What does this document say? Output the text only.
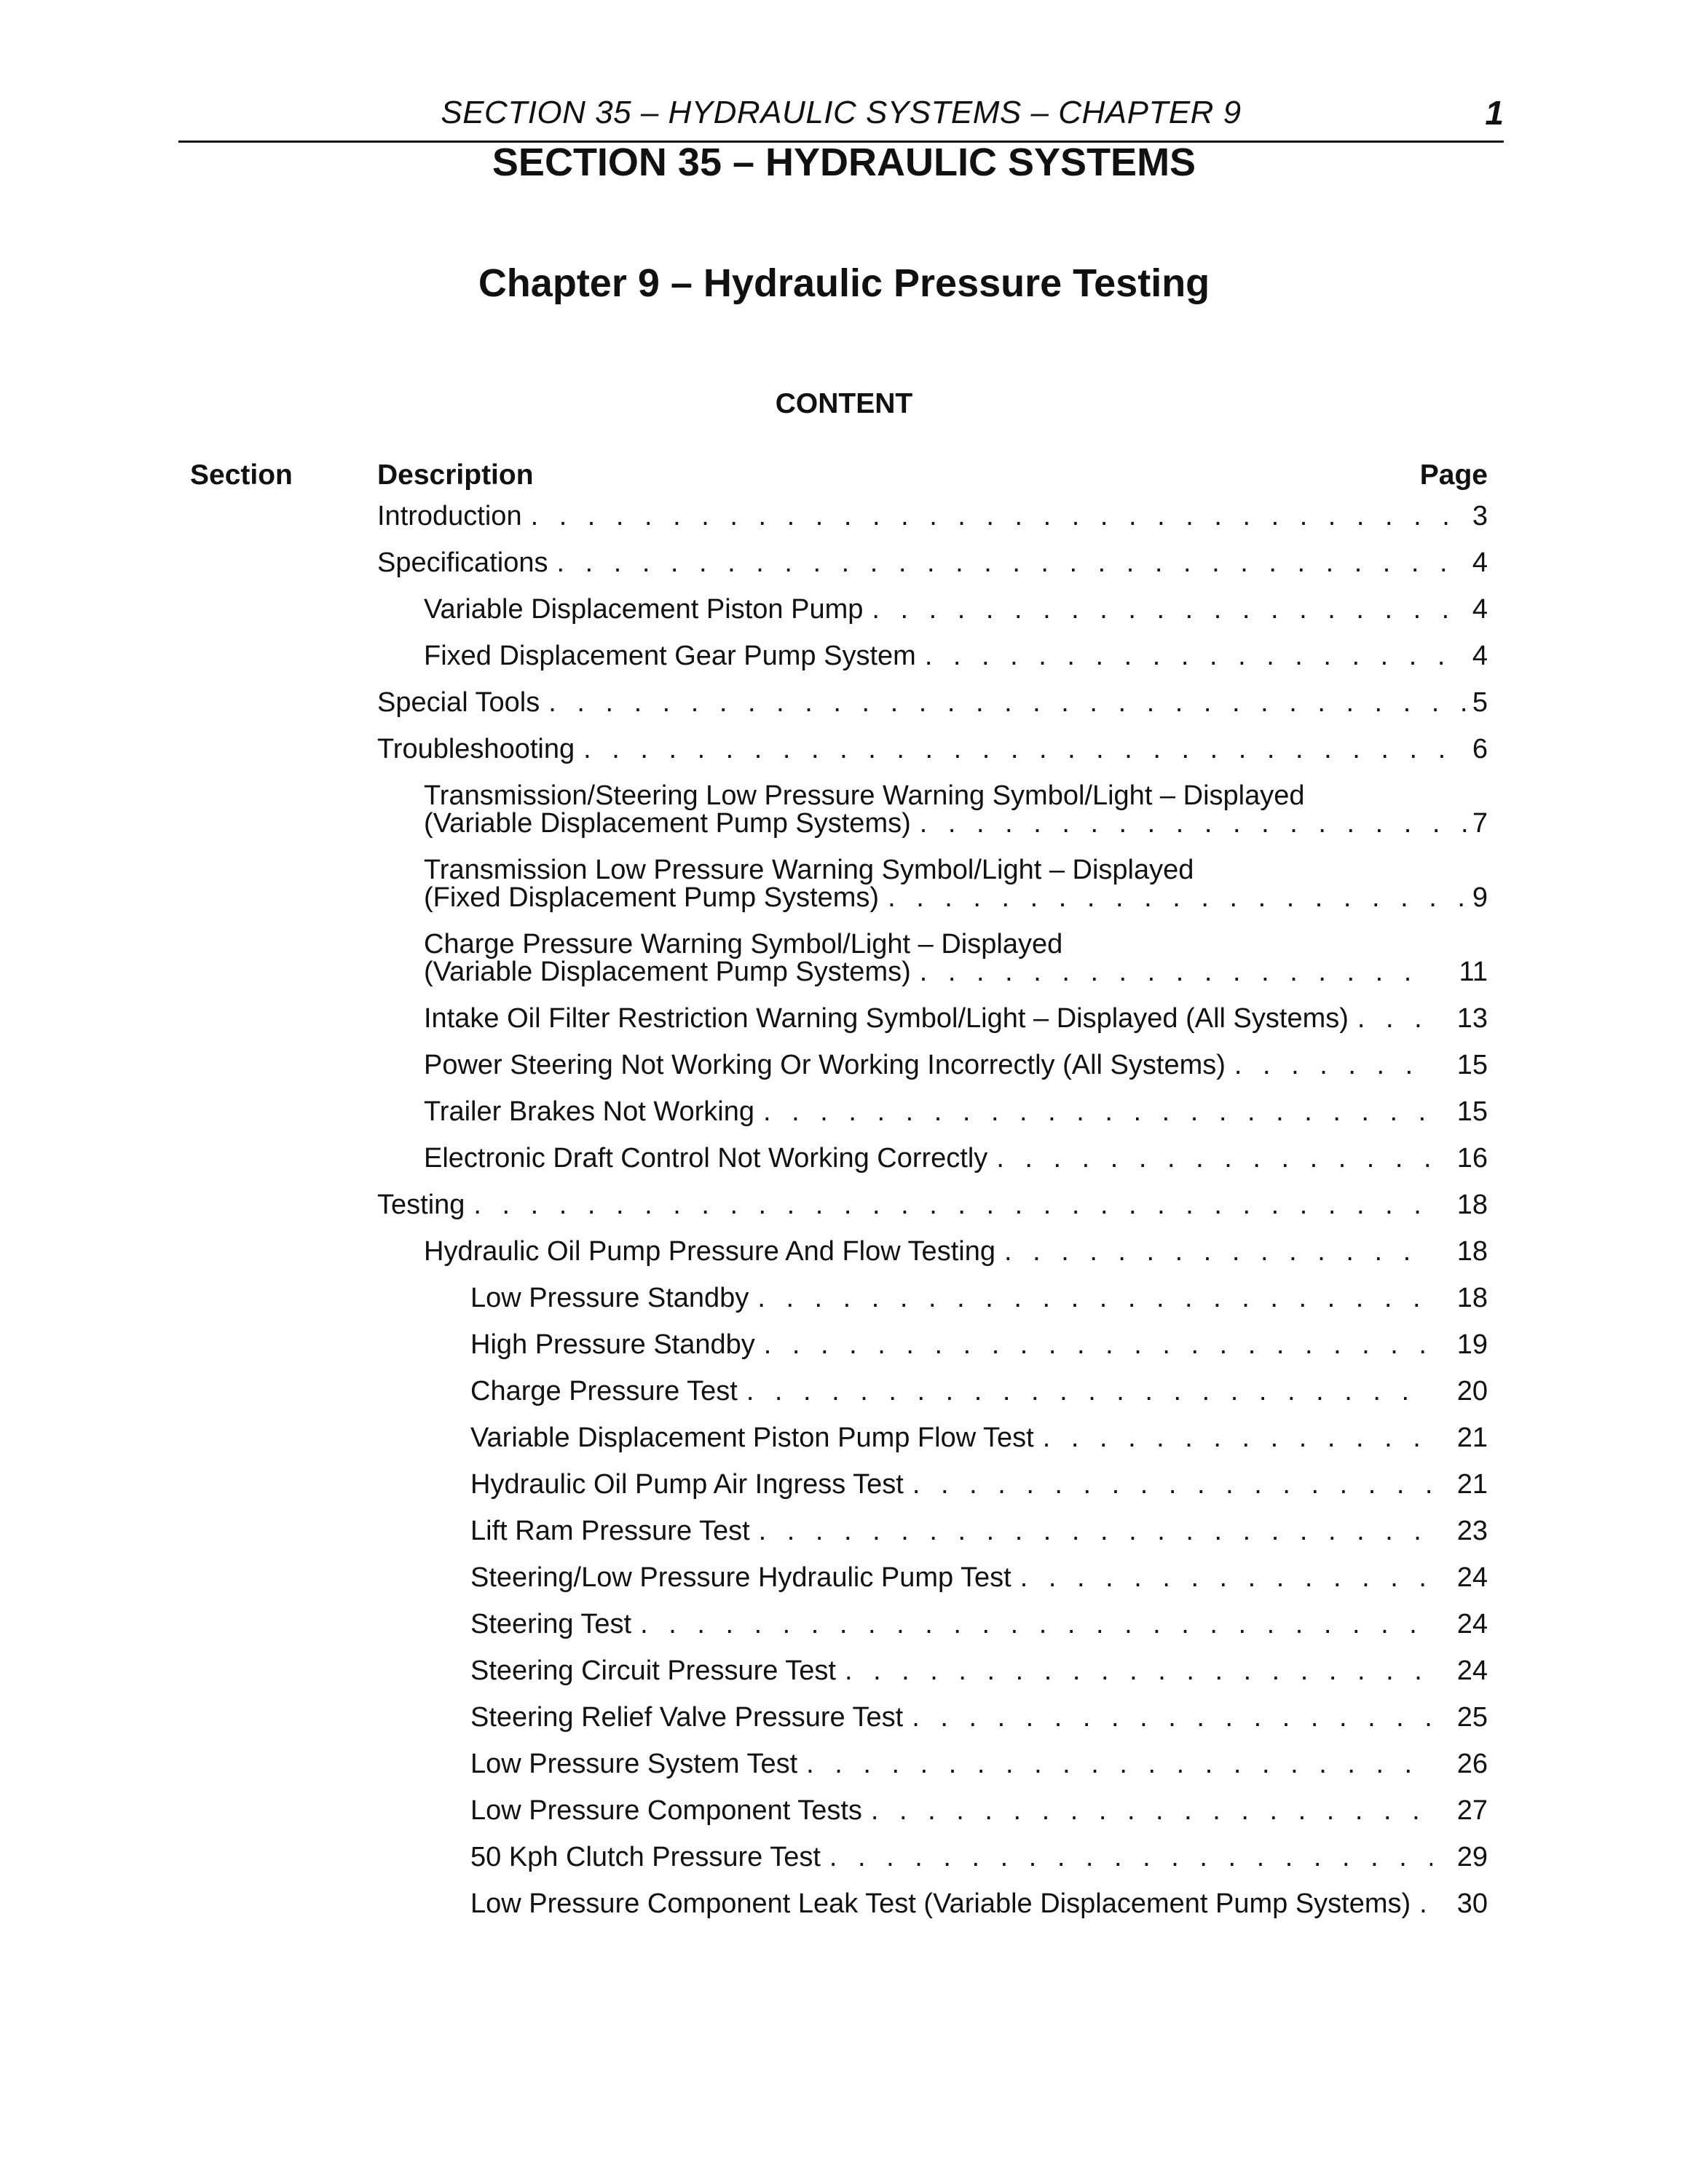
SECTION 35 – HYDRAULIC SYSTEMS – CHAPTER 9	1
SECTION 35 – HYDRAULIC SYSTEMS
Chapter 9 – Hydraulic Pressure Testing
CONTENT
Section	Description	Page
Introduction . . .	3
Specifications . . .	4
Variable Displacement Piston Pump . . .	4
Fixed Displacement Gear Pump System . . .	4
Special Tools . . .	5
Troubleshooting . . .	6
Transmission/Steering Low Pressure Warning Symbol/Light – Displayed
(Variable Displacement Pump Systems) . . .	7
Transmission Low Pressure Warning Symbol/Light – Displayed
(Fixed Displacement Pump Systems) . . .	9
Charge Pressure Warning Symbol/Light – Displayed
(Variable Displacement Pump Systems) . . .	11
Intake Oil Filter Restriction Warning Symbol/Light – Displayed (All Systems) . . .	13
Power Steering Not Working Or Working Incorrectly (All Systems) . . .	15
Trailer Brakes Not Working . . .	15
Electronic Draft Control Not Working Correctly . . .	16
Testing . . .	18
Hydraulic Oil Pump Pressure And Flow Testing . . .	18
Low Pressure Standby . . .	18
High Pressure Standby . . .	19
Charge Pressure Test . . .	20
Variable Displacement Piston Pump Flow Test . . .	21
Hydraulic Oil Pump Air Ingress Test . . .	21
Lift Ram Pressure Test . . .	23
Steering/Low Pressure Hydraulic Pump Test . . .	24
Steering Test . . .	24
Steering Circuit Pressure Test . . .	24
Steering Relief Valve Pressure Test . . .	25
Low Pressure System Test . . .	26
Low Pressure Component Tests . . .	27
50 Kph Clutch Pressure Test . . .	29
Low Pressure Component Leak Test (Variable Displacement Pump Systems) . . .	30
